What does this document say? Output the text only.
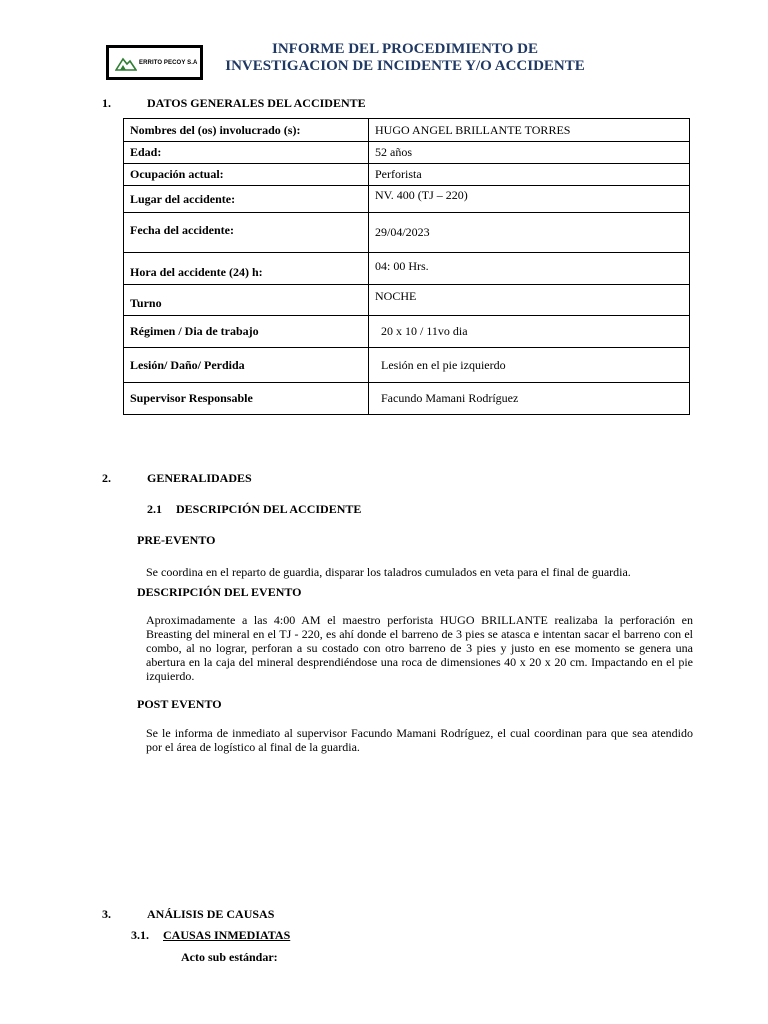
ERRITO PECOY S.A
INFORME DEL PROCEDIMIENTO DE
INVESTIGACION DE INCIDENTE Y/O ACCIDENTE
1.	DATOS GENERALES DEL ACCIDENTE
Nombres del (os) involucrado (s):	HUGO ANGEL BRILLANTE TORRES
Edad:	52 años
Ocupación actual:	Perforista
Lugar del accidente:	NV. 400 (TJ – 220)
Fecha del accidente:	29/04/2023
Hora del accidente (24) h:	04: 00 Hrs.
Turno	NOCHE
Régimen / Dia de trabajo	20 x 10 / 11vo dia
Lesión/ Daño/ Perdida	Lesión en el pie izquierdo
Supervisor Responsable	Facundo Mamani Rodríguez
2.	GENERALIDADES
2.1 DESCRIPCIÓN DEL ACCIDENTE
PRE-EVENTO
Se coordina en el reparto de guardia, disparar los taladros cumulados en veta para el final de guardia.
DESCRIPCIÓN DEL EVENTO
Aproximadamente a las 4:00 AM el maestro perforista HUGO BRILLANTE realizaba la perforación en Breasting del mineral en el TJ - 220, es ahí donde el barreno de 3 pies se atasca e intentan sacar el barreno con el combo, al no lograr, perforan a su costado con otro barreno de 3 pies y justo en ese momento se genera una abertura en la caja del mineral desprendiéndose una roca de dimensiones 40 x 20 x 20 cm. Impactando en el pie izquierdo.
POST EVENTO
Se le informa de inmediato al supervisor Facundo Mamani Rodríguez, el cual coordinan para que sea atendido por el área de logístico al final de la guardia.
3.	ANÁLISIS DE CAUSAS
3.1. CAUSAS INMEDIATAS
Acto sub estándar:
